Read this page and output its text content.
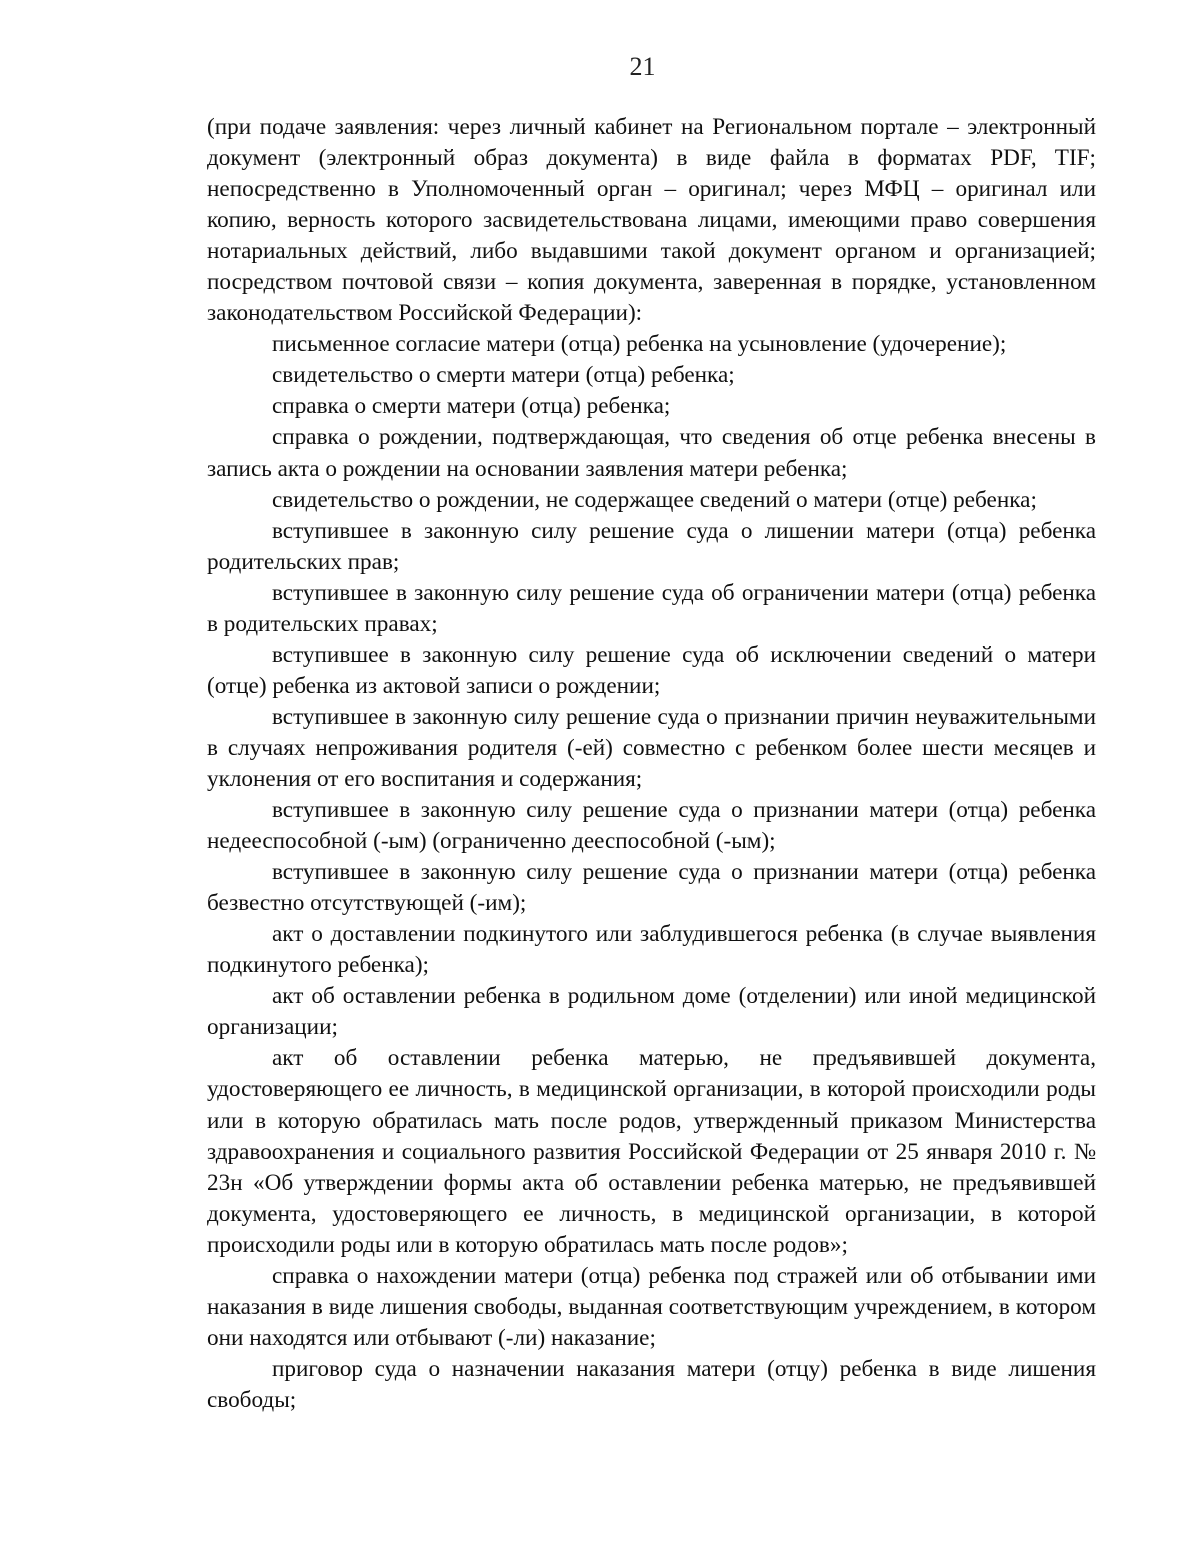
21

(при подаче заявления: через личный кабинет на Региональном портале – электронный документ (электронный образ документа) в виде файла в форматах PDF, TIF; непосредственно в Уполномоченный орган – оригинал; через МФЦ – оригинал или копию, верность которого засвидетельствована лицами, имеющими право совершения нотариальных действий, либо выдавшими такой документ органом и организацией; посредством почтовой связи – копия документа, заверенная в порядке, установленном законодательством Российской Федерации):

письменное согласие матери (отца) ребенка на усыновление (удочерение);

свидетельство о смерти матери (отца) ребенка;

справка о смерти матери (отца) ребенка;

справка о рождении, подтверждающая, что сведения об отце ребенка внесены в запись акта о рождении на основании заявления матери ребенка;

свидетельство о рождении, не содержащее сведений о матери (отце) ребенка;

вступившее в законную силу решение суда о лишении матери (отца) ребенка родительских прав;

вступившее в законную силу решение суда об ограничении матери (отца) ребенка в родительских правах;

вступившее в законную силу решение суда об исключении сведений о матери (отце) ребенка из актовой записи о рождении;

вступившее в законную силу решение суда о признании причин неуважительными в случаях непроживания родителя (-ей) совместно с ребенком более шести месяцев и уклонения от его воспитания и содержания;

вступившее в законную силу решение суда о признании матери (отца) ребенка недееспособной (-ым) (ограниченно дееспособной (-ым);

вступившее в законную силу решение суда о признании матери (отца) ребенка безвестно отсутствующей (-им);

акт о доставлении подкинутого или заблудившегося ребенка (в случае выявления подкинутого ребенка);

акт об оставлении ребенка в родильном доме (отделении) или иной медицинской организации;

акт об оставлении ребенка матерью, не предъявившей документа, удостоверяющего ее личность, в медицинской организации, в которой происходили роды или в которую обратилась мать после родов, утвержденный приказом Министерства здравоохранения и социального развития Российской Федерации от 25 января 2010 г. № 23н «Об утверждении формы акта об оставлении ребенка матерью, не предъявившей документа, удостоверяющего ее личность, в медицинской организации, в которой происходили роды или в которую обратилась мать после родов»;

справка о нахождении матери (отца) ребенка под стражей или об отбывании ими наказания в виде лишения свободы, выданная соответствующим учреждением, в котором они находятся или отбывают (-ли) наказание;

приговор суда о назначении наказания матери (отцу) ребенка в виде лишения свободы;
